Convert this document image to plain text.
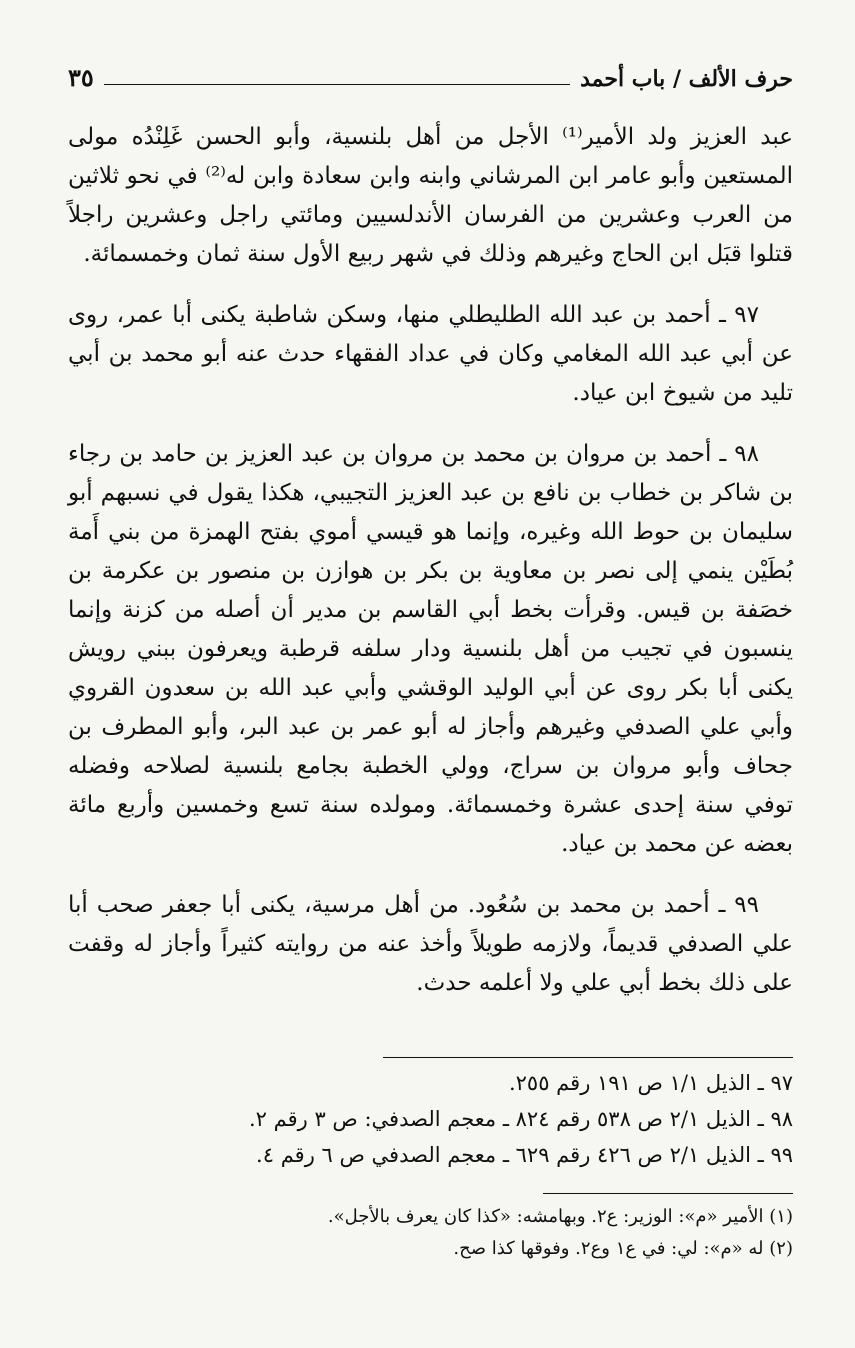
حرف الألف / باب أحمد
٣٥

عبد العزيز ولد الأمير⁽¹⁾ الأجل من أهل بلنسية، وأبو الحسن غَلِنْدُه مولى المستعين وأبو عامر ابن المرشاني وابنه وابن سعادة وابن له⁽²⁾ في نحو ثلاثين من العرب وعشرين من الفرسان الأندلسيين ومائتي راجل وعشرين راجلاً قتلوا قبَل ابن الحاج وغيرهم وذلك في شهر ربيع الأول سنة ثمان وخمسمائة.

٩٧ ـ أحمد بن عبد الله الطليطلي منها، وسكن شاطبة يكنى أبا عمر، روى عن أبي عبد الله المغامي وكان في عداد الفقهاء حدث عنه أبو محمد بن أبي تليد من شيوخ ابن عياد.

٩٨ ـ أحمد بن مروان بن محمد بن مروان بن عبد العزيز بن حامد بن رجاء بن شاكر بن خطاب بن نافع بن عبد العزيز التجيبي، هكذا يقول في نسبهم أبو سليمان بن حوط الله وغيره، وإنما هو قيسي أموي بفتح الهمزة من بني أَمة بُطَيْن ينمي إلى نصر بن معاوية بن بكر بن هوازن بن منصور بن عكرمة بن خصَفة بن قيس. وقرأت بخط أبي القاسم بن مدير أن أصله من كزنة وإنما ينسبون في تجيب من أهل بلنسية ودار سلفه قرطبة ويعرفون ببني رويش يكنى أبا بكر روى عن أبي الوليد الوقشي وأبي عبد الله بن سعدون القروي وأبي علي الصدفي وغيرهم وأجاز له أبو عمر بن عبد البر، وأبو المطرف بن جحاف وأبو مروان بن سراج، وولي الخطبة بجامع بلنسية لصلاحه وفضله توفي سنة إحدى عشرة وخمسمائة. ومولده سنة تسع وخمسين وأربع مائة بعضه عن محمد بن عياد.

٩٩ ـ أحمد بن محمد بن سُعُود. من أهل مرسية، يكنى أبا جعفر صحب أبا علي الصدفي قديماً، ولازمه طويلاً وأخذ عنه من روايته كثيراً وأجاز له وقفت على ذلك بخط أبي علي ولا أعلمه حدث.

٩٧ ـ الذيل ١/١ ص ١٩١ رقم ٢٥٥.
٩٨ ـ الذيل ٢/١ ص ٥٣٨ رقم ٨٢٤ ـ معجم الصدفي: ص ٣ رقم ٢.
٩٩ ـ الذيل ٢/١ ص ٤٢٦ رقم ٦٢٩ ـ معجم الصدفي ص ٦ رقم ٤.
(١) الأمير «م»: الوزير: ع٢. وبهامشه: «كذا كان يعرف بالأجل».
(٢) له «م»: لي: في ع١ وع٢. وفوقها كذا صح.
